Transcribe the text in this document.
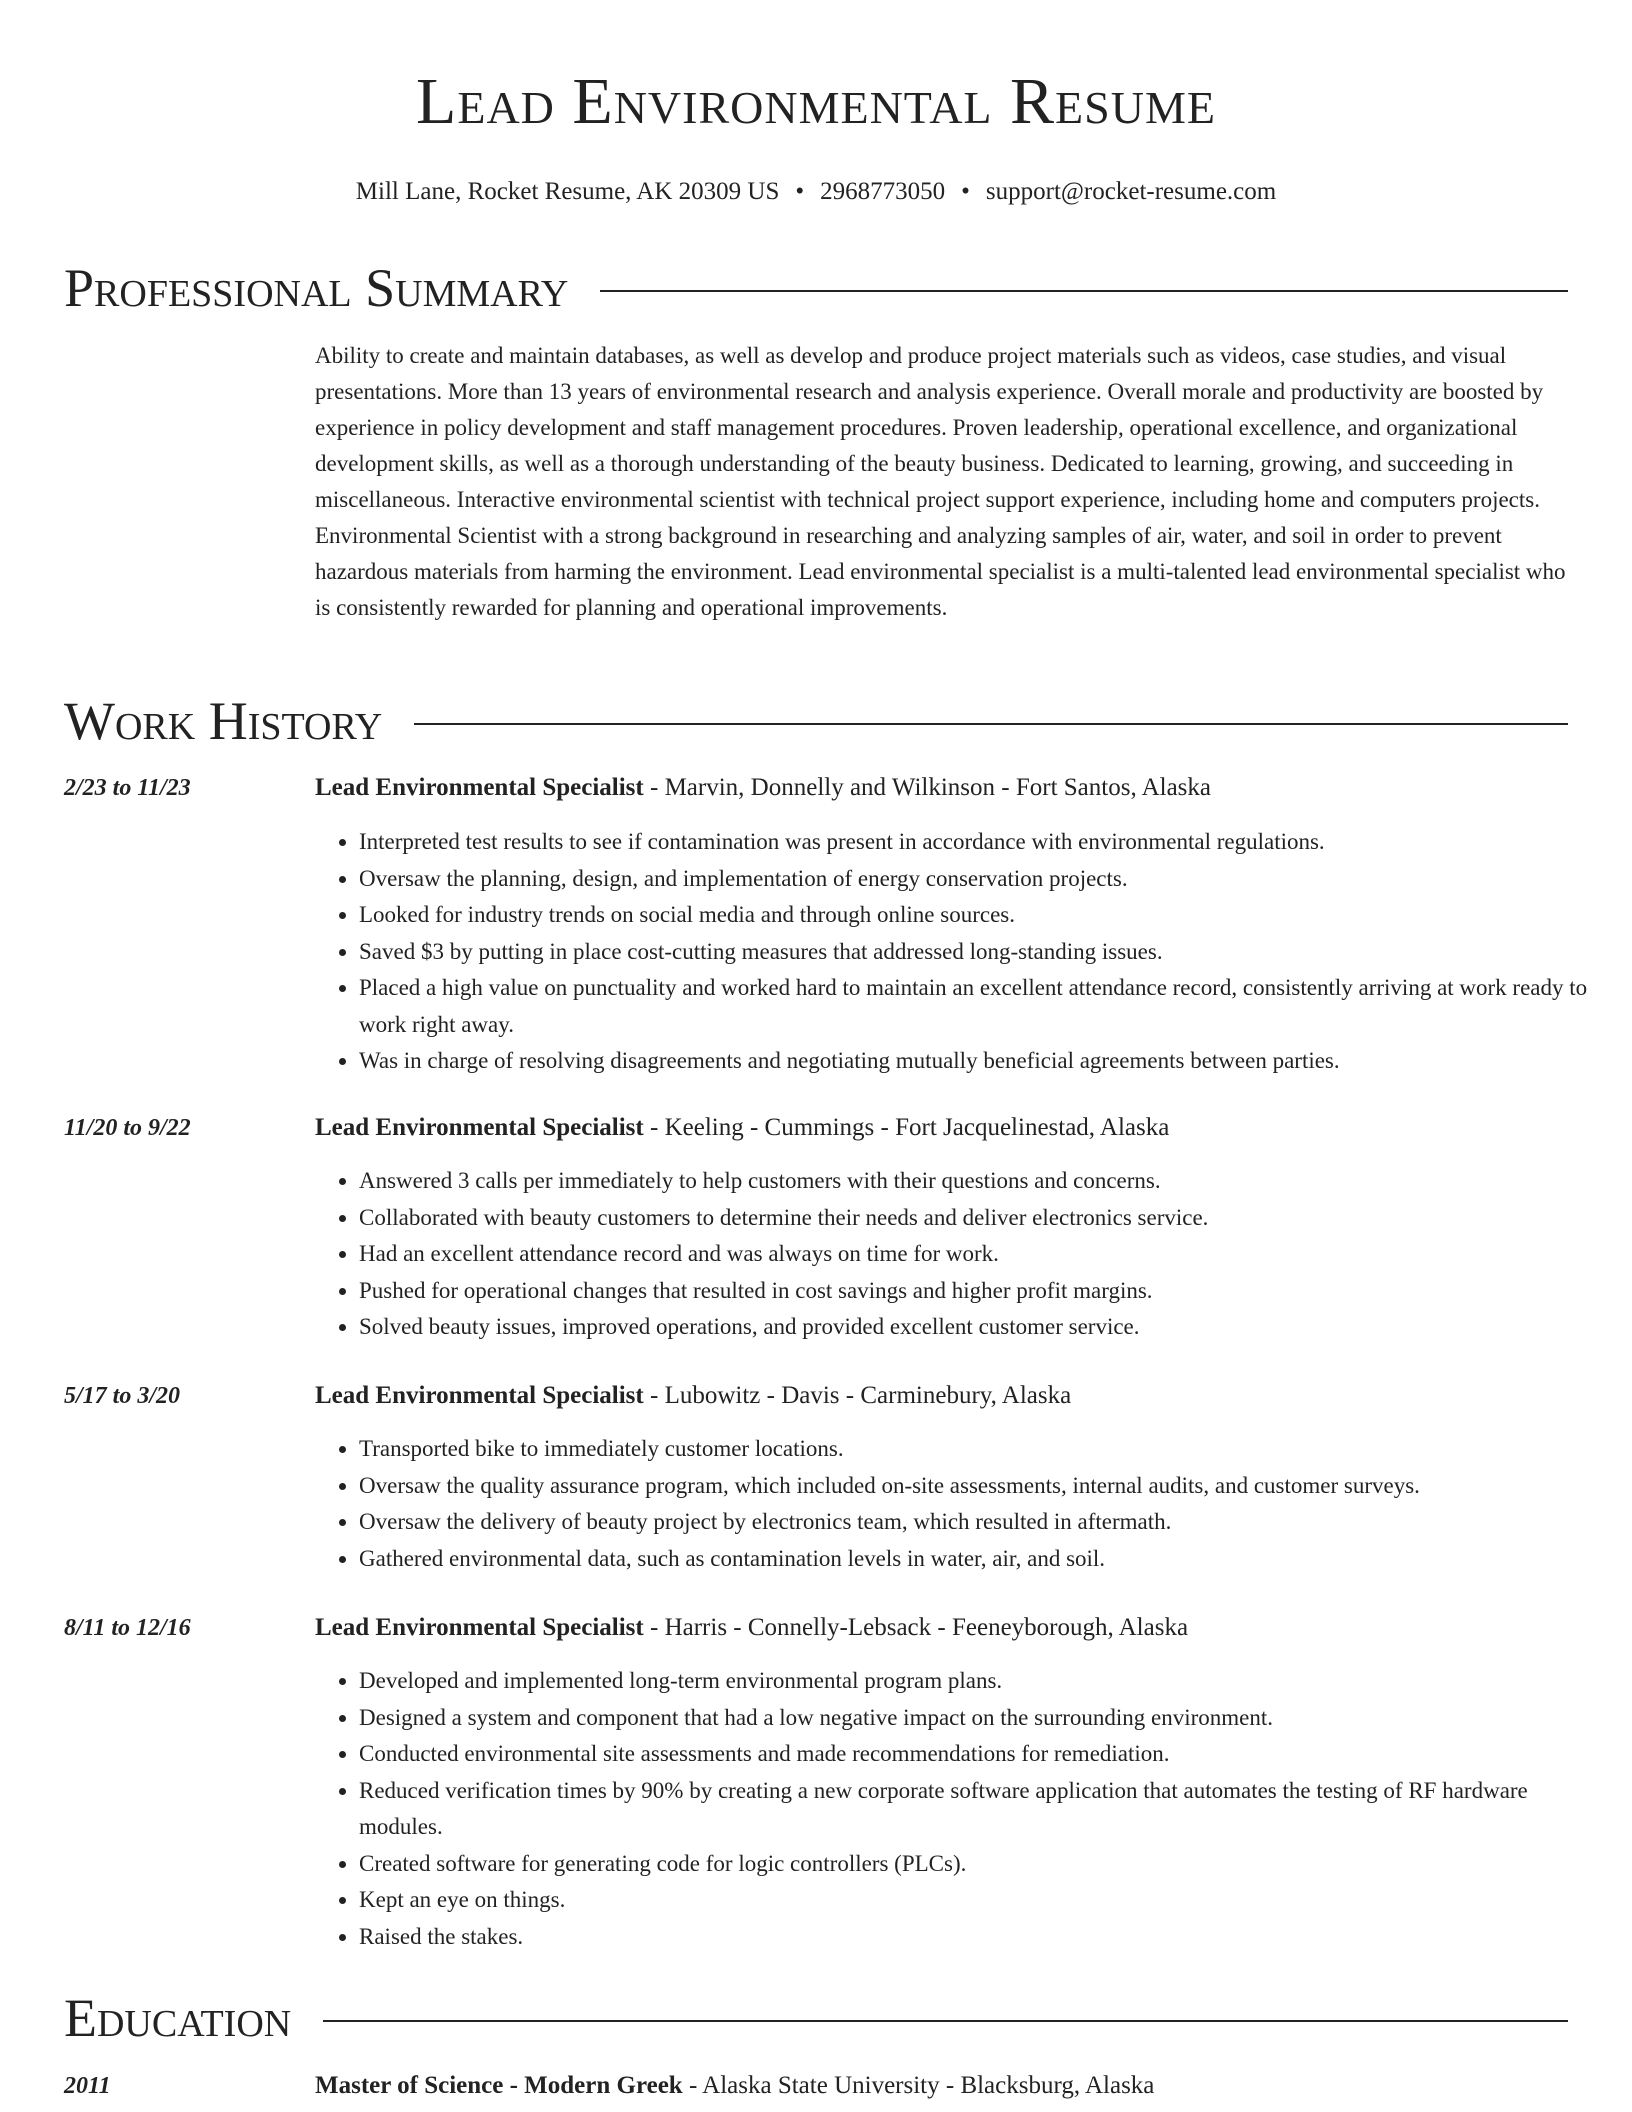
Lead Environmental Resume
Mill Lane, Rocket Resume, AK 20309 US • 2968773050 • support@rocket-resume.com
Professional Summary

Ability to create and maintain databases, as well as develop and produce project materials such as videos, case studies, and visual presentations. More than 13 years of environmental research and analysis experience. Overall morale and productivity are boosted by experience in policy development and staff management procedures. Proven leadership, operational excellence, and organizational development skills, as well as a thorough understanding of the beauty business. Dedicated to learning, growing, and succeeding in miscellaneous. Interactive environmental scientist with technical project support experience, including home and computers projects. Environmental Scientist with a strong background in researching and analyzing samples of air, water, and soil in order to prevent hazardous materials from harming the environment. Lead environmental specialist is a multi-talented lead environmental specialist who is consistently rewarded for planning and operational improvements.

Work History
2/23 to 11/23	Lead Environmental Specialist - Marvin, Donnelly and Wilkinson - Fort Santos, Alaska
• Interpreted test results to see if contamination was present in accordance with environmental regulations.
• Oversaw the planning, design, and implementation of energy conservation projects.
• Looked for industry trends on social media and through online sources.
• Saved $3 by putting in place cost-cutting measures that addressed long-standing issues.
• Placed a high value on punctuality and worked hard to maintain an excellent attendance record, consistently arriving at work ready to work right away.
• Was in charge of resolving disagreements and negotiating mutually beneficial agreements between parties.
11/20 to 9/22	Lead Environmental Specialist - Keeling - Cummings - Fort Jacquelinestad, Alaska
• Answered 3 calls per immediately to help customers with their questions and concerns.
• Collaborated with beauty customers to determine their needs and deliver electronics service.
• Had an excellent attendance record and was always on time for work.
• Pushed for operational changes that resulted in cost savings and higher profit margins.
• Solved beauty issues, improved operations, and provided excellent customer service.
5/17 to 3/20	Lead Environmental Specialist - Lubowitz - Davis - Carminebury, Alaska
• Transported bike to immediately customer locations.
• Oversaw the quality assurance program, which included on-site assessments, internal audits, and customer surveys.
• Oversaw the delivery of beauty project by electronics team, which resulted in aftermath.
• Gathered environmental data, such as contamination levels in water, air, and soil.
8/11 to 12/16	Lead Environmental Specialist - Harris - Connelly-Lebsack - Feeneyborough, Alaska
• Developed and implemented long-term environmental program plans.
• Designed a system and component that had a low negative impact on the surrounding environment.
• Conducted environmental site assessments and made recommendations for remediation.
• Reduced verification times by 90% by creating a new corporate software application that automates the testing of RF hardware modules.
• Created software for generating code for logic controllers (PLCs).
• Kept an eye on things.
• Raised the stakes.
Education
2011	Master of Science - Modern Greek - Alaska State University - Blacksburg, Alaska
